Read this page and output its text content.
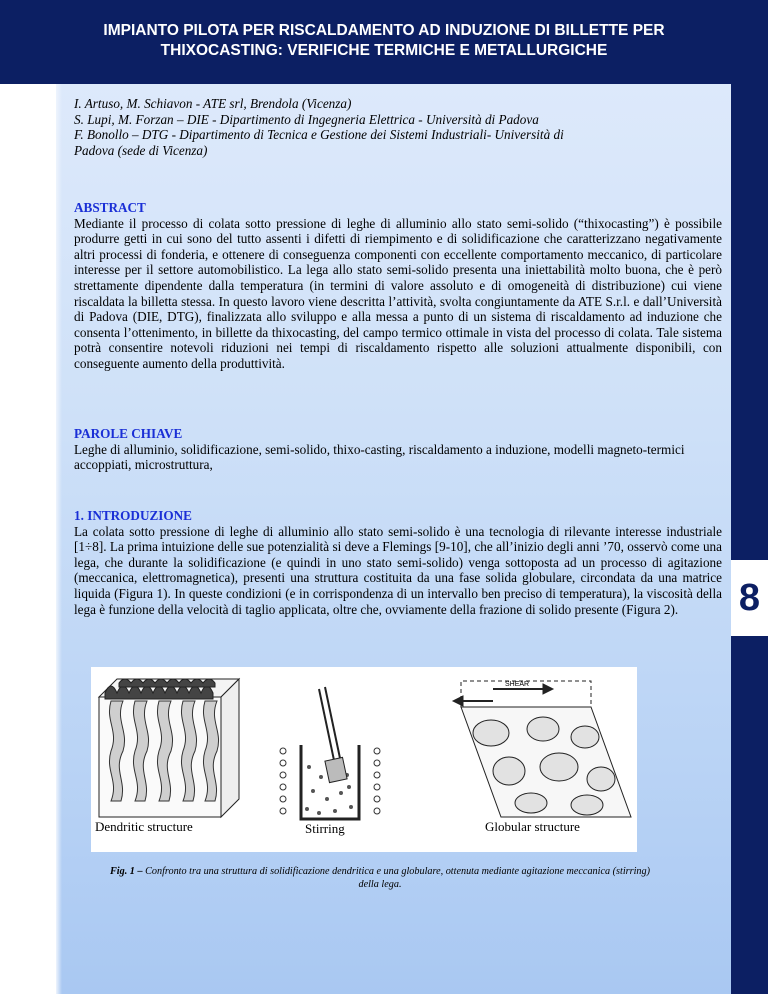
IMPIANTO PILOTA PER RISCALDAMENTO AD INDUZIONE DI BILLETTE PER
THIXOCASTING: VERIFICHE TERMICHE E METALLURGICHE
8
I. Artuso, M. Schiavon - ATE srl, Brendola (Vicenza)
S. Lupi, M. Forzan – DIE - Dipartimento di Ingegneria Elettrica - Università di Padova
F. Bonollo – DTG - Dipartimento di Tecnica e Gestione dei Sistemi Industriali- Università di
Padova (sede di Vicenza)
ABSTRACT
Mediante il processo di colata sotto pressione di leghe di alluminio allo stato semi-solido (“thixocasting”) è possibile produrre getti in cui sono del tutto assenti i difetti di riempimento e di solidificazione che caratterizzano negativamente altri processi di fonderia, e ottenere di conseguenza componenti con eccellente comportamento meccanico, di particolare interesse per il settore automobilistico. La lega allo stato semi-solido presenta una iniettabilità molto buona, che è però strettamente dipendente dalla temperatura (in termini di valore assoluto e di omogeneità di distribuzione) cui viene riscaldata la billetta stessa. In questo lavoro viene descritta l’attività, svolta congiuntamente da ATE S.r.l. e dall’Università di Padova (DIE, DTG), finalizzata allo sviluppo e alla messa a punto di un sistema di riscaldamento ad induzione che consenta l’ottenimento, in billette da thixocasting, del campo termico ottimale in vista del processo di colata. Tale sistema potrà consentire notevoli riduzioni nei tempi di riscaldamento rispetto alle soluzioni attualmente disponibili, con conseguente aumento della produttività.
PAROLE CHIAVE
Leghe di alluminio, solidificazione, semi-solido, thixo-casting, riscaldamento a induzione, modelli magneto-termici accoppiati, microstruttura,
1. INTRODUZIONE
La colata sotto pressione di leghe di alluminio allo stato semi-solido è una tecnologia di rilevante interesse industriale [1÷8]. La prima intuizione delle sue potenzialità si deve a Flemings [9-10], che all’inizio degli anni ’70, osservò come una lega, che durante la solidificazione (e quindi in uno stato semi-solido) venga sottoposta ad un processo di agitazione (meccanica, elettromagnetica), presenti una struttura costituita da una fase solida globulare, circondata da una matrice liquida (Figura 1). In queste condizioni (e in corrispondenza di un intervallo ben preciso di temperatura), la viscosità della lega è funzione della velocità di taglio applicata, oltre che, ovviamente della frazione di solido presente (Figura 2).
Dendritic structure	Stirring	Globular structure
SHEAR
Fig. 1 – Confronto tra una struttura di solidificazione dendritica e una globulare, ottenuta mediante agitazione meccanica (stirring) della lega.
